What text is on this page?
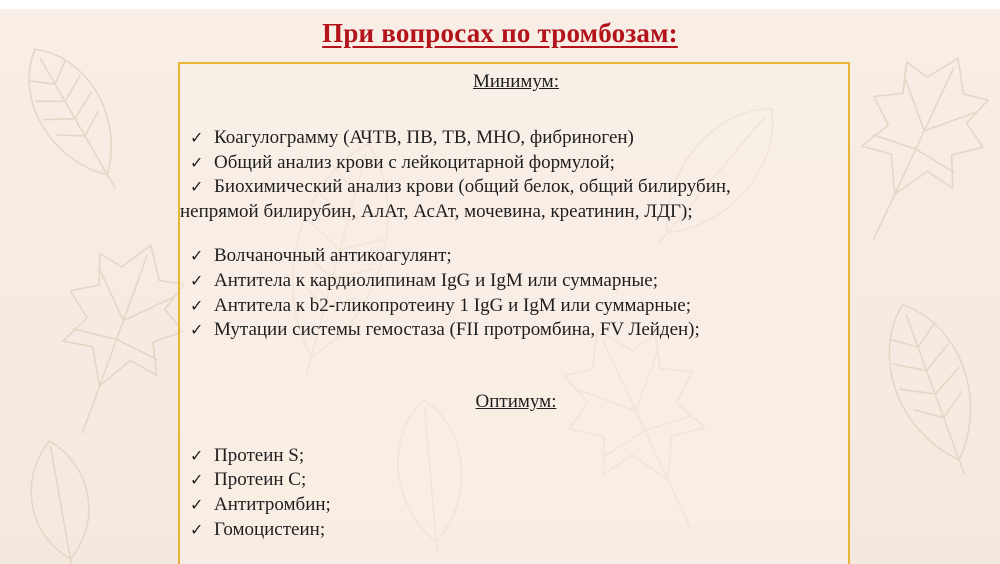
При вопросах по тромбозам:
Минимум:
✓ Коагулограмму (АЧТВ, ПВ, ТВ, МНО, фибриноген)
✓ Общий анализ крови с лейкоцитарной формулой;
✓ Биохимический анализ крови (общий белок, общий билирубин,
непрямой билирубин, АлАт, АсАт, мочевина, креатинин, ЛДГ);
✓ Волчаночный антикоагулянт;
✓ Антитела к кардиолипинам IgG и IgM или суммарные;
✓ Антитела к b2-гликопротеину 1 IgG и IgM или суммарные;
✓ Мутации системы гемостаза (FII протромбина, FV Лейден);
Оптимум:
✓ Протеин S;
✓ Протеин С;
✓ Антитромбин;
✓ Гомоцистеин;
